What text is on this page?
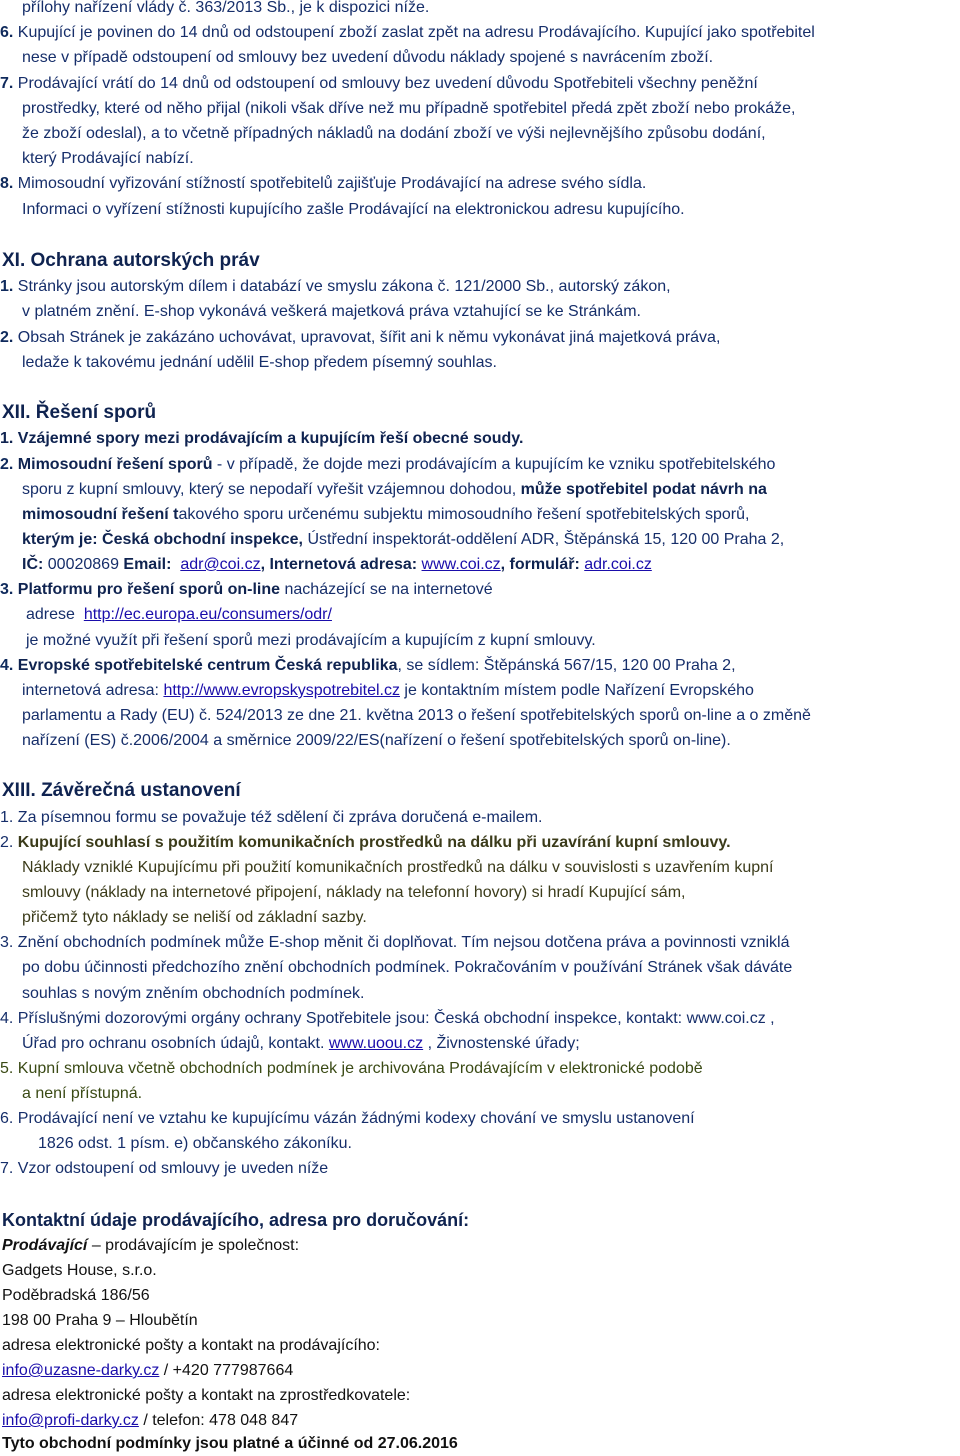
přílohy nařízení vlády č. 363/2013 Sb., je k dispozici níže.
6. Kupující je povinen do 14 dnů od odstoupení zboží zaslat zpět na adresu Prodávajícího. Kupující jako spotřebitel
nese v případě odstoupení od smlouvy bez uvedení důvodu náklady spojené s navrácením zboží.
7. Prodávající vrátí do 14 dnů od odstoupení od smlouvy bez uvedení důvodu Spotřebiteli všechny peněžní
prostředky, které od něho přijal (nikoli však dříve než mu případně spotřebitel předá zpět zboží nebo prokáže,
že zboží odeslal), a to včetně případných nákladů na dodání zboží ve výši nejlevnějšího způsobu dodání,
který Prodávající nabízí.
8. Mimosoudní vyřizování stížností spotřebitelů zajišťuje Prodávající na adrese svého sídla.
Informaci o vyřízení stížnosti kupujícího zašle Prodávající na elektronickou adresu kupujícího.
XI. Ochrana autorských práv
1. Stránky jsou autorským dílem i databází ve smyslu zákona č. 121/2000 Sb., autorský zákon,
v platném znění. E-shop vykonává veškerá majetková práva vztahující se ke Stránkám.
2. Obsah Stránek je zakázáno uchovávat, upravovat, šířit ani k němu vykonávat jiná majetková práva,
ledaže k takovému jednání udělil E-shop předem písemný souhlas.
XII. Řešení sporů
1. Vzájemné spory mezi prodávajícím a kupujícím řeší obecné soudy.
2. Mimosoudní řešení sporů - v případě, že dojde mezi prodávajícím a kupujícím ke vzniku spotřebitelského
sporu z kupní smlouvy, který se nepodaří vyřešit vzájemnou dohodou, může spotřebitel podat návrh na
mimosoudní řešení takového sporu určenému subjektu mimosoudního řešení spotřebitelských sporů,
kterým je: Česká obchodní inspekce, Ústřední inspektorát-oddělení ADR, Štěpánská 15, 120 00 Praha 2,
IČ: 00020869 Email: adr@coi.cz, Internetová adresa: www.coi.cz, formulář: adr.coi.cz
3. Platformu pro řešení sporů on-line nacházející se na internetové
adrese http://ec.europa.eu/consumers/odr/
je možné využít při řešení sporů mezi prodávajícím a kupujícím z kupní smlouvy.
4. Evropské spotřebitelské centrum Česká republika, se sídlem: Štěpánská 567/15, 120 00 Praha 2,
internetová adresa: http://www.evropskyspotrebitel.cz je kontaktním místem podle Nařízení Evropského
parlamentu a Rady (EU) č. 524/2013 ze dne 21. května 2013 o řešení spotřebitelských sporů on-line a o změně
nařízení (ES) č.2006/2004 a směrnice 2009/22/ES(nařízení o řešení spotřebitelských sporů on-line).
XIII. Závěrečná ustanovení
1. Za písemnou formu se považuje též sdělení či zpráva doručená e-mailem.
2. Kupující souhlasí s použitím komunikačních prostředků na dálku při uzavírání kupní smlouvy.
Náklady vzniklé Kupujícímu při použití komunikačních prostředků na dálku v souvislosti s uzavřením kupní
smlouvy (náklady na internetové připojení, náklady na telefonní hovory) si hradí Kupující sám,
přičemž tyto náklady se neliší od základní sazby.
3. Znění obchodních podmínek může E-shop měnit či doplňovat. Tím nejsou dotčena práva a povinnosti vzniklá
po dobu účinnosti předchozího znění obchodních podmínek. Pokračováním v používání Stránek však dáváte
souhlas s novým zněním obchodních podmínek.
4. Příslušnými dozorovými orgány ochrany Spotřebitele jsou: Česká obchodní inspekce, kontakt: www.coi.cz ,
Úřad pro ochranu osobních údajů, kontakt. www.uoou.cz , Živnostenské úřady;
5. Kupní smlouva včetně obchodních podmínek je archivována Prodávajícím v elektronické podobě
a není přístupná.
6. Prodávající není ve vztahu ke kupujícímu vázán žádnými kodexy chování ve smyslu ustanovení
1826 odst. 1 písm. e) občanského zákoníku.
7. Vzor odstoupení od smlouvy je uveden níže
Kontaktní údaje prodávajícího, adresa pro doručování:
Prodávající – prodávajícím je společnost:
Gadgets House, s.r.o.
Poděbradská 186/56
198 00 Praha 9 – Hloubětín
adresa elektronické pošty a kontakt na prodávajícího:
info@uzasne-darky.cz / +420 777987664
adresa elektronické pošty a kontakt na zprostředkovatele:
info@profi-darky.cz / telefon: 478 048 847
Tyto obchodní podmínky jsou platné a účinné od 27.06.2016
